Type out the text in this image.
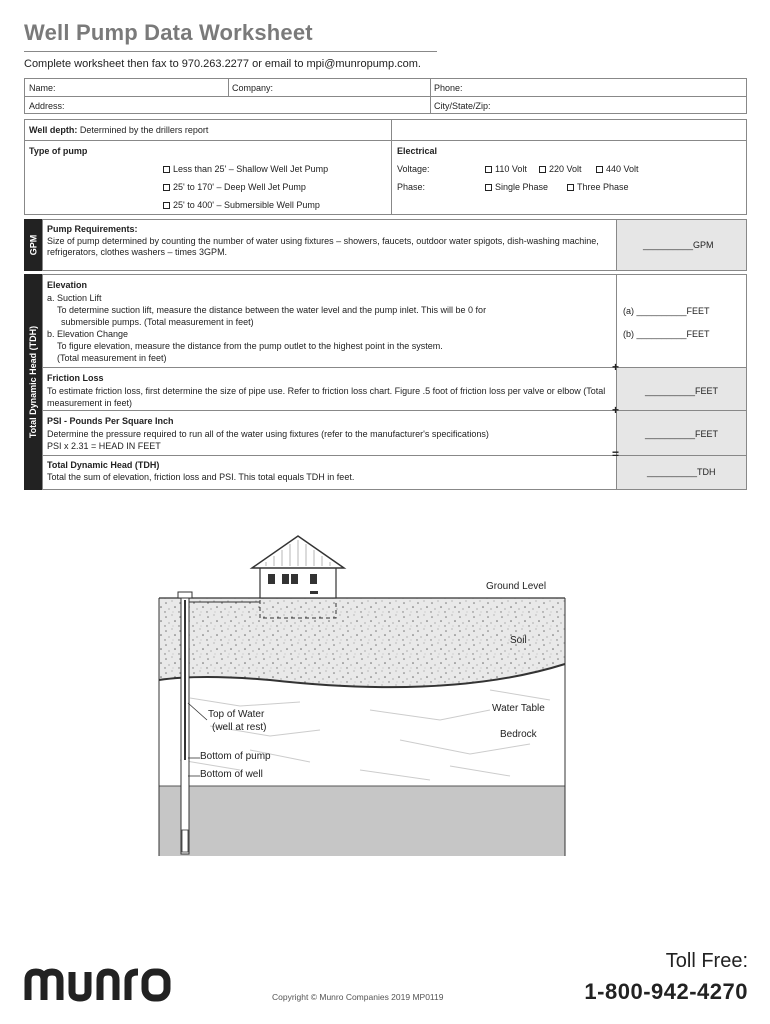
Well Pump Data Worksheet
Complete worksheet then fax to 970.263.2277 or email to mpi@munropump.com.
Name:	Company:	Phone:
Address:	City/State/Zip:
Well depth: Determined by the drillers report
Type of pump
Less than 25' – Shallow Well Jet Pump
25' to 170' – Deep Well Jet Pump
25' to 400' – Submersible Well Pump
Electrical
Voltage:	110 Volt	220 Volt	440 Volt
Phase:	Single Phase	Three Phase
GPM
Pump Requirements:
Size of pump determined by counting the number of water using fixtures – showers, faucets, outdoor water spigots, dish-washing machine, refrigerators, clothes washers – times 3GPM.
__________GPM
Total Dynamic Head (TDH)
Elevation
a. Suction Lift
To determine suction lift, measure the distance between the water level and the pump inlet. This will be 0 for
submersible pumps. (Total measurement in feet)
b. Elevation Change
To figure elevation, measure the distance from the pump outlet to the highest point in the system.
(Total measurement in feet)
(a) __________FEET
(b) __________FEET
Friction Loss
To estimate friction loss, first determine the size of pipe use. Refer to friction loss chart. Figure .5 foot of friction loss per valve or elbow (Total measurement in feet)
__________FEET
PSI - Pounds Per Square Inch
Determine the pressure required to run all of the water using fixtures (refer to the manufacturer's specifications)
PSI x 2.31 = HEAD IN FEET
__________FEET
Total Dynamic Head (TDH)
Total the sum of elevation, friction loss and PSI. This total equals TDH in feet.	__________TDH
+
+
=
Ground Level
Soil
Water Table
Bedrock
Top of Water
(well at rest)
Bottom of pump
Bottom of well
Copyright © Munro Companies 2019 MP0119
Toll Free:
1-800-942-4270
